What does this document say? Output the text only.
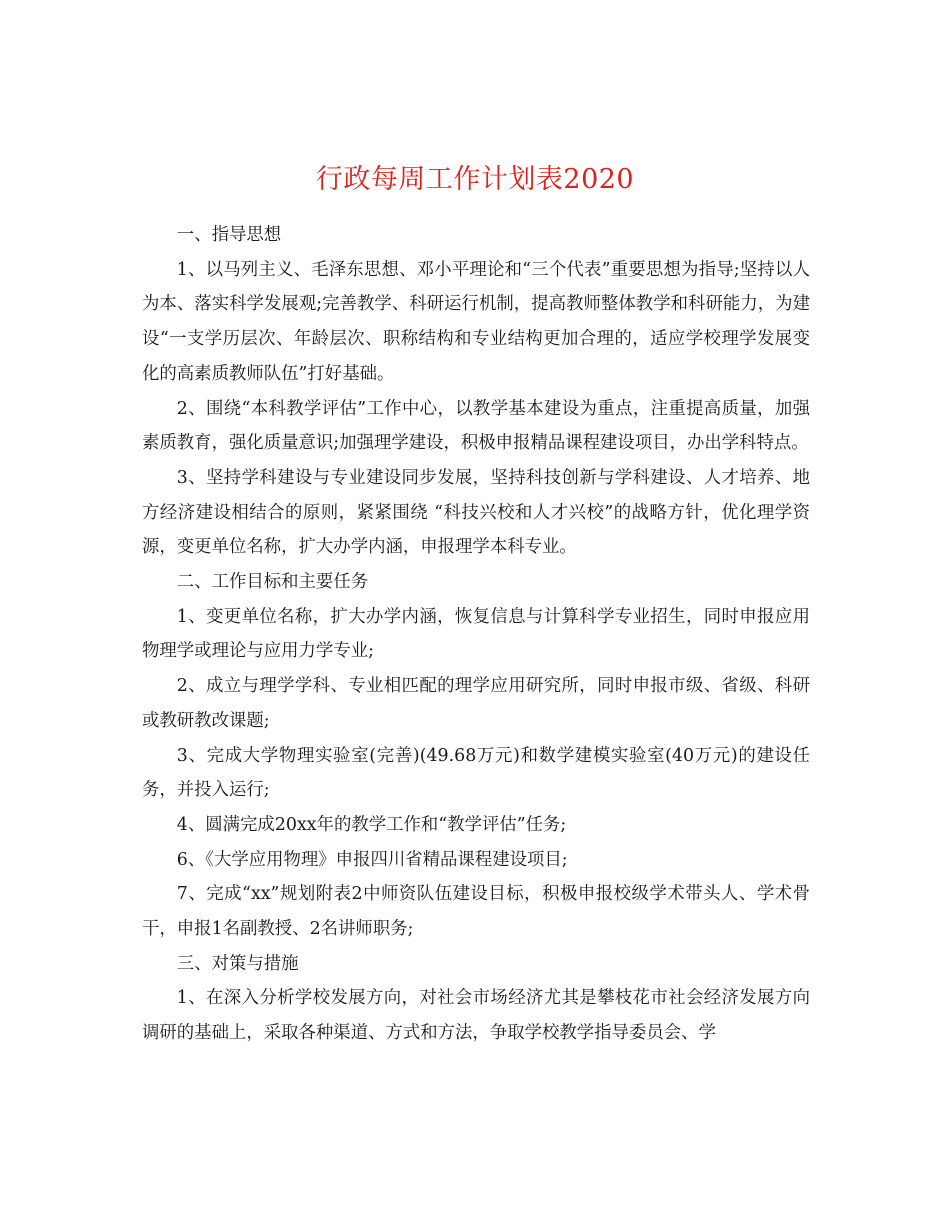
行政每周工作计划表2020

一、指导思想

1、以马列主义、毛泽东思想、邓小平理论和“三个代表”重要思想为指导;坚持以人为本、落实科学发展观;完善教学、科研运行机制，提高教师整体教学和科研能力，为建设“一支学历层次、年龄层次、职称结构和专业结构更加合理的，适应学校理学发展变化的高素质教师队伍”打好基础。

2、围绕“本科教学评估”工作中心，以教学基本建设为重点，注重提高质量，加强素质教育，强化质量意识;加强理学建设，积极申报精品课程建设项目，办出学科特点。

3、坚持学科建设与专业建设同步发展，坚持科技创新与学科建设、人才培养、地方经济建设相结合的原则，紧紧围绕 “科技兴校和人才兴校”的战略方针，优化理学资源，变更单位名称，扩大办学内涵，申报理学本科专业。

二、工作目标和主要任务

1、变更单位名称，扩大办学内涵，恢复信息与计算科学专业招生，同时申报应用物理学或理论与应用力学专业;

2、成立与理学学科、专业相匹配的理学应用研究所，同时申报市级、省级、科研或教研教改课题;

3、完成大学物理实验室(完善)(49.68万元)和数学建模实验室(40万元)的建设任务，并投入运行;

4、圆满完成20xx年的教学工作和“教学评估”任务;

6、《大学应用物理》申报四川省精品课程建设项目;

7、完成“xx”规划附表2中师资队伍建设目标，积极申报校级学术带头人、学术骨干，申报1名副教授、2名讲师职务;

三、对策与措施

1、在深入分析学校发展方向，对社会市场经济尤其是攀枝花市社会经济发展方向调研的基础上，采取各种渠道、方式和方法，争取学校教学指导委员会、学
